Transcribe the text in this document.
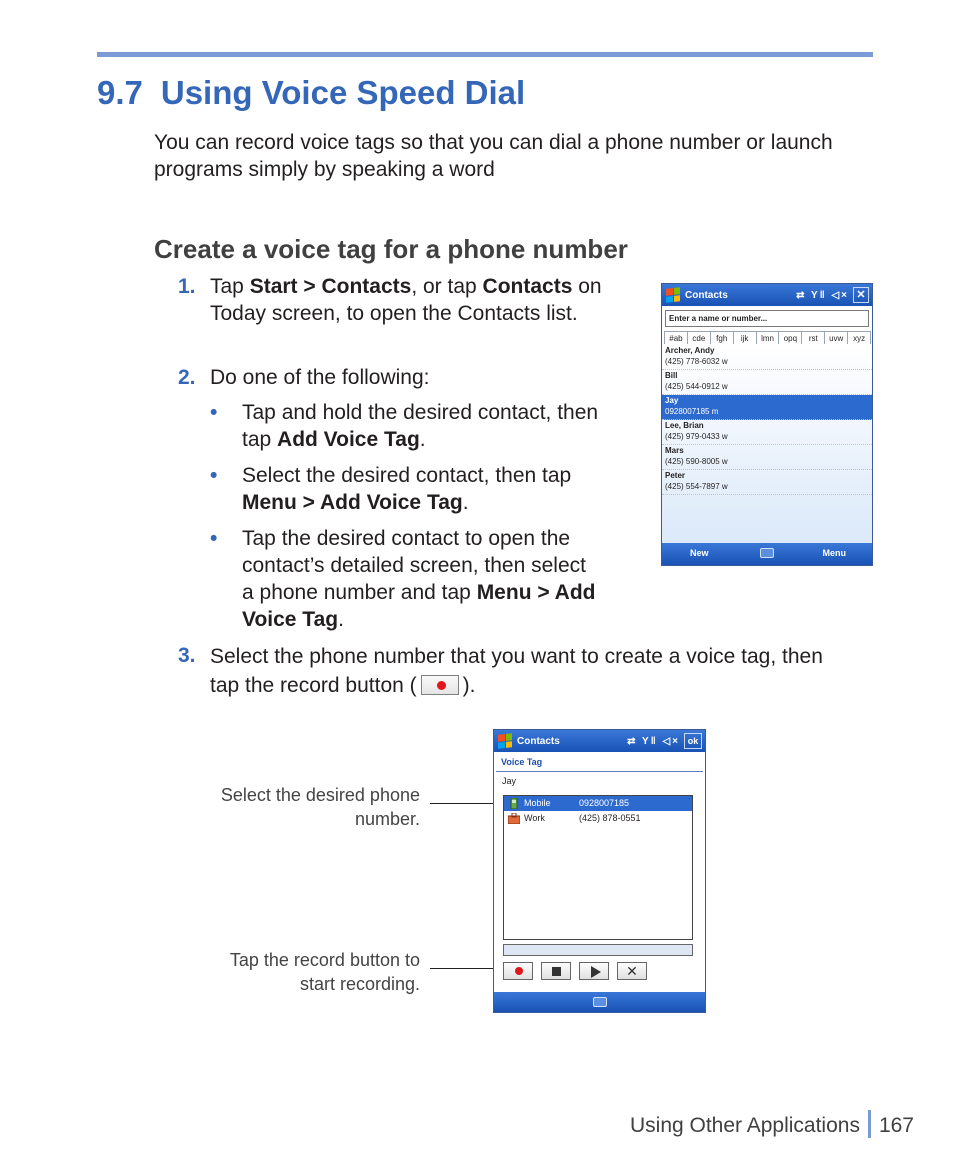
9.7 Using Voice Speed Dial

You can record voice tags so that you can dial a phone number or launch programs simply by speaking a word

Create a voice tag for a phone number
1. Tap Start > Contacts, or tap Contacts on Today screen, to open the Contacts list.
2. Do one of the following:
• Tap and hold the desired contact, then tap Add Voice Tag.
• Select the desired contact, then tap Menu > Add Voice Tag.
• Tap the desired contact to open the contact’s detailed screen, then select a phone number and tap Menu > Add Voice Tag.
3. Select the phone number that you want to create a voice tag, then tap the record button ( ).
Contacts	⇄ Y‖ ◁× ✕
Enter a name or number...
#ab	cde	fgh	ijk	lmn	opq	rst	uvw	xyz
Archer, Andy
(425) 778-6032 w
Bill
(425) 544-0912 w
Jay
0928007185 m
Lee, Brian
(425) 979-0433 w
Mars
(425) 590-8005 w
Peter
(425) 554-7897 w
New	Menu
Select the desired phone number.
Tap the record button to start recording.
Contacts	⇄ Y‖ ◁× ok
Voice Tag
Jay
Mobile	0928007185
Work	(425) 878-0551
✕
Using Other Applications 167
